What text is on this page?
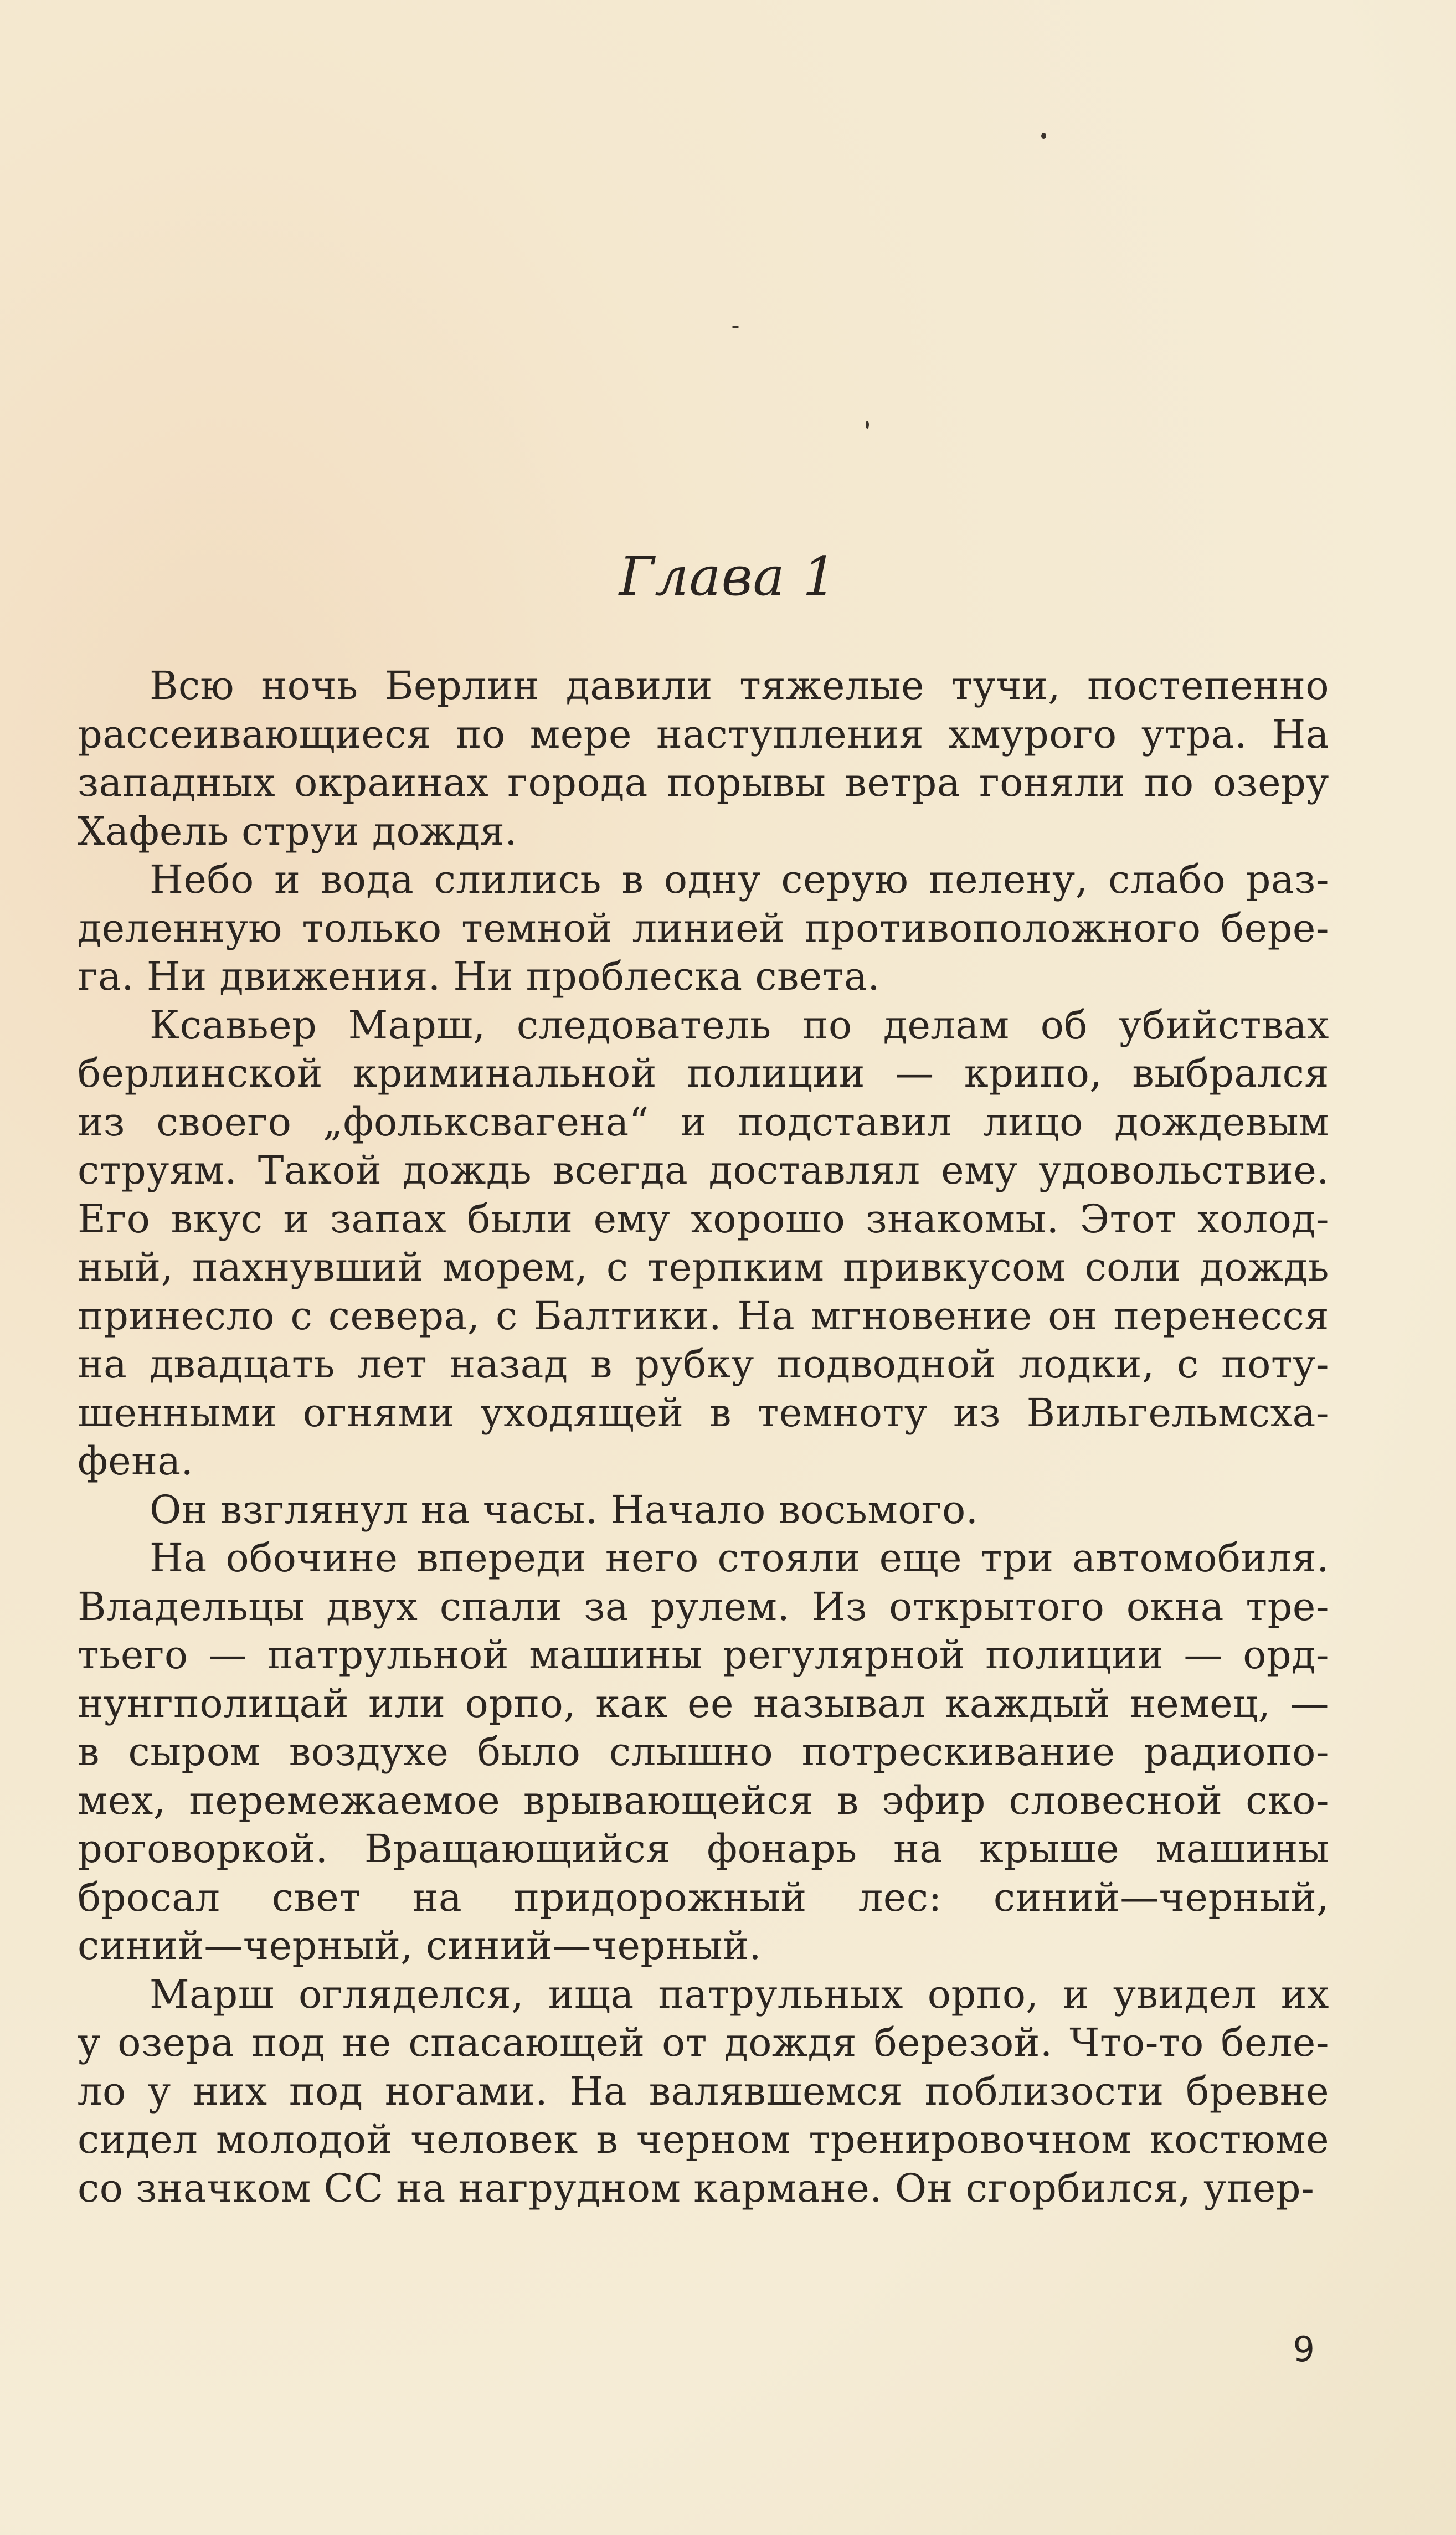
Глава 1
Всю ночь Берлин давили тяжелые тучи, постепенно
рассеивающиеся по мере наступления хмурого утра. На
западных окраинах города порывы ветра гоняли по озеру
Хафель струи дождя.
Небо и вода слились в одну серую пелену, слабо раз-
деленную только темной линией противоположного бере-
га. Ни движения. Ни проблеска света.
Ксавьер Марш, следователь по делам об убийствах
берлинской криминальной полиции — крипо, выбрался
из своего „фольксвагена“ и подставил лицо дождевым
струям. Такой дождь всегда доставлял ему удовольствие.
Его вкус и запах были ему хорошо знакомы. Этот холод-
ный, пахнувший морем, с терпким привкусом соли дождь
принесло с севера, с Балтики. На мгновение он перенесся
на двадцать лет назад в рубку подводной лодки, с поту-
шенными огнями уходящей в темноту из Вильгельмсха-
фена.
Он взглянул на часы. Начало восьмого.
На обочине впереди него стояли еще три автомобиля.
Владельцы двух спали за рулем. Из открытого окна тре-
тьего — патрульной машины регулярной полиции — орд-
нунгполицай или орпо, как ее называл каждый немец, —
в сыром воздухе было слышно потрескивание радиопо-
мех, перемежаемое врывающейся в эфир словесной ско-
роговоркой. Вращающийся фонарь на крыше машины
бросал свет на придорожный лес: синий—черный,
синий—черный, синий—черный.
Марш огляделся, ища патрульных орпо, и увидел их
у озера под не спасающей от дождя березой. Что-то беле-
ло у них под ногами. На валявшемся поблизости бревне
сидел молодой человек в черном тренировочном костюме
со значком СС на нагрудном кармане. Он сгорбился, упер-
9
